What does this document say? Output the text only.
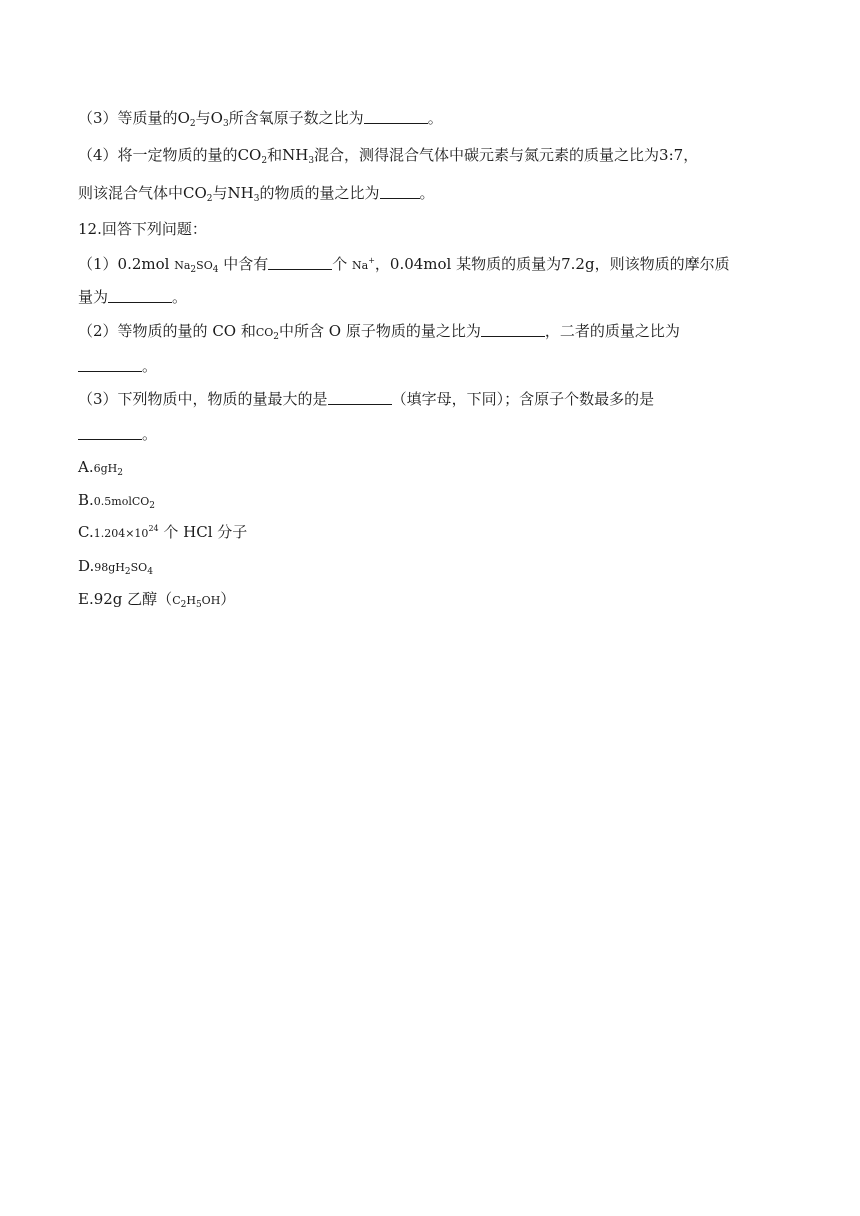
（3）等质量的$O_2$与$O_3$所含氧原子数之比为	。
（4）将一定物质的量的$CO_2$和$NH_3$混合，测得混合气体中碳元素与氮元素的质量之比为3:7，
则该混合气体中$CO_2$与$NH_3$的物质的量之比为	。
12.回答下列问题：
（1）0.2mol $Na_2SO_4$ 中含有	个 Na+，0.04mol 某物质的质量为7.2g，则该物质的摩尔质
量为	。
（2）等物质的量的 CO 和$CO_2$中所含 O 原子物质的量之比为	，二者的质量之比为
。
（3）下列物质中，物质的量最大的是	（填字母，下同）；含原子个数最多的是
。
$A.6gH_2$
B.0.5molCO$_2$
$C.1.204\times 10^{24}$ 个 HCl 分子
$D.98gH_2SO_4$
E.92g 乙醇$(C_2H_5OH)$
